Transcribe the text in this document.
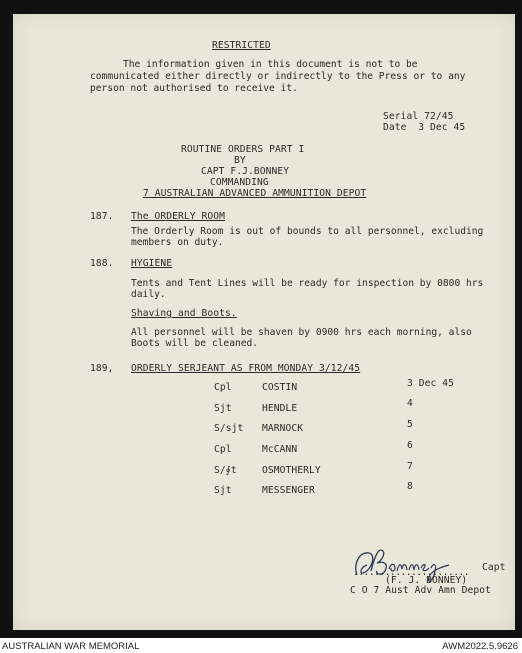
RESTRICTED
The information given in this document is not to be
communicated either directly or indirectly to the Press or to any
person not authorised to receive it.
Serial 72/45
Date  3 Dec 45
ROUTINE ORDERS PART I
BY
CAPT F.J.BONNEY
COMMANDING
7 AUSTRALIAN ADVANCED AMMUNITION DEPOT
187. The ORDERLY ROOM
The Orderly Room is out of bounds to all personnel, excluding
members on duty.
188. HYGIENE
Tents and Tent Lines will be ready for inspection by 0800 hrs
daily.
Shaving and Boots.
All personnel will be shaven by 0900 hrs each morning, also
Boots will be cleaned.
189, ORDERLY SERJEANT AS FROM MONDAY 3/12/45
Cpl	COSTIN	3 Dec 45
Sjt	HENDLE	4
S/sjt MARNOCK	5
Cpl	McCANN	6
S/∮t	OSMOTHERLY	7
Sjt	MESSENGER	8
...................... Capt
(F. J. BONNEY)
C O 7 Aust Adv Amn Depot
AUSTRALIAN WAR MEMORIAL	AWM2022.5.9626
